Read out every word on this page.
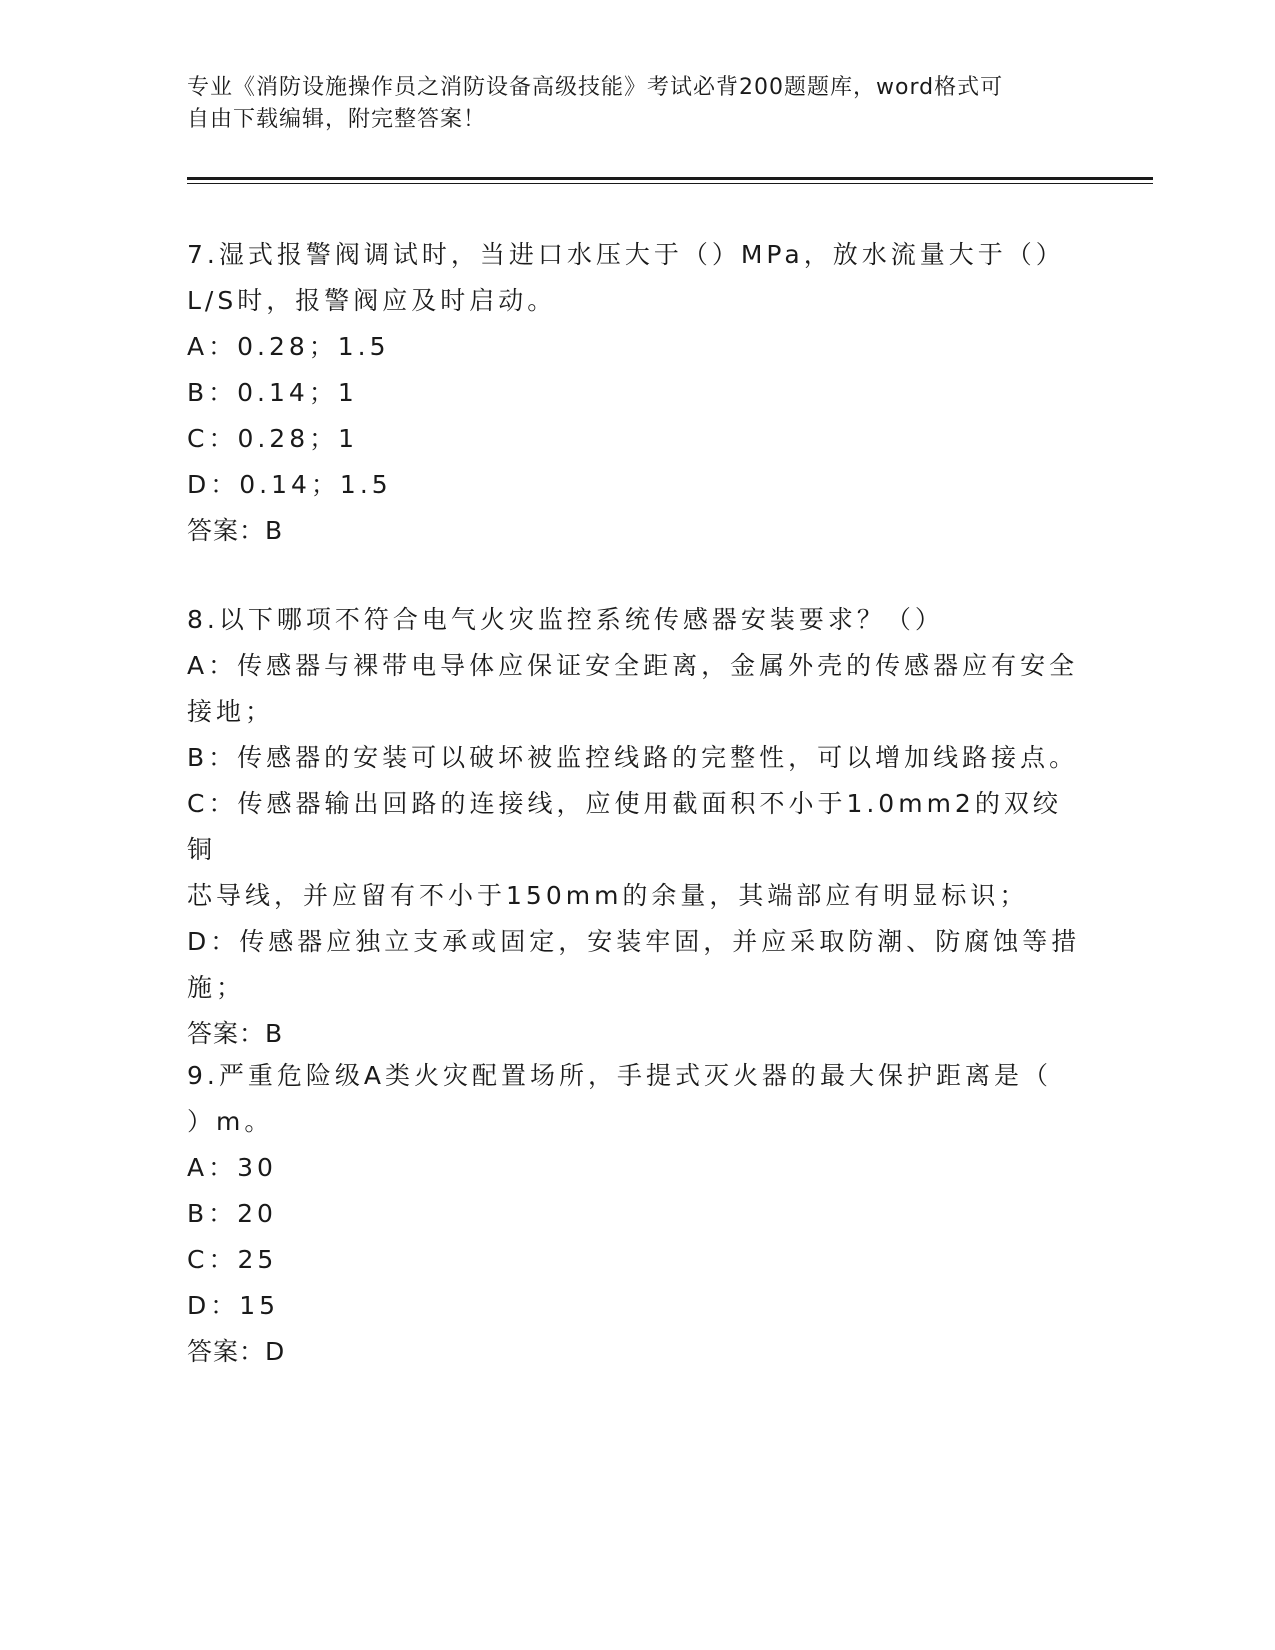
专业《消防设施操作员之消防设备高级技能》考试必背200题题库，word格式可
自由下载编辑，附完整答案！

7.湿式报警阀调试时，当进口水压大于（）MPa，放水流量大于（）

L/S时，报警阀应及时启动。

A：0.28；1.5

B：0.14；1

C：0.28；1

D：0.14；1.5

答案：B

8.以下哪项不符合电气火灾监控系统传感器安装要求？（）

A：传感器与裸带电导体应保证安全距离，金属外壳的传感器应有安全

接地；

B：传感器的安装可以破坏被监控线路的完整性，可以增加线路接点。

C：传感器输出回路的连接线，应使用截面积不小于1.0mm2的双绞铜

芯导线，并应留有不小于150mm的余量，其端部应有明显标识；

D：传感器应独立支承或固定，安装牢固，并应采取防潮、防腐蚀等措

施；

答案：B

9.严重危险级A类火灾配置场所，手提式灭火器的最大保护距离是（

）m。

A：30

B：20

C：25

D：15

答案：D
